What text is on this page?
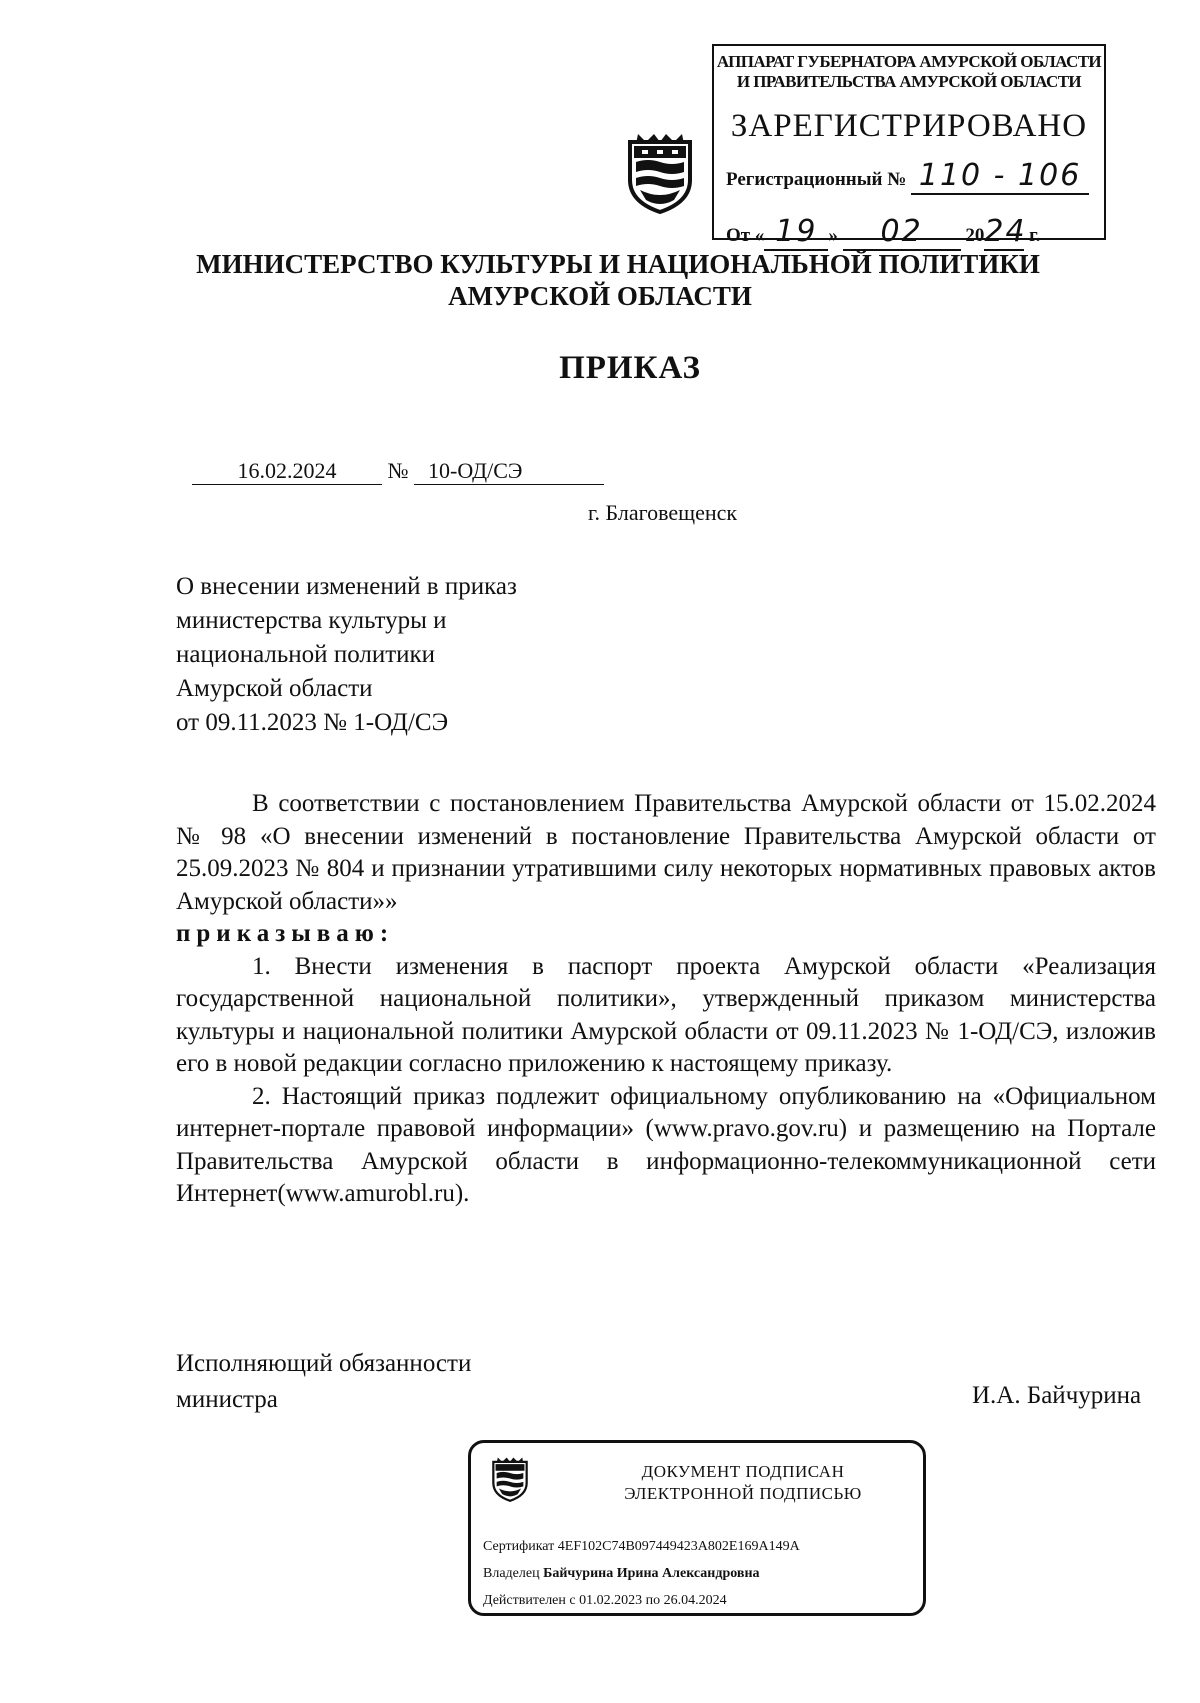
АППАРАТ ГУБЕРНАТОРА АМУРСКОЙ ОБЛАСТИ
И ПРАВИТЕЛЬСТВА АМУРСКОЙ ОБЛАСТИ
ЗАРЕГИСТРИРОВАНО
Регистрационный № 110 - 106
От « 19 » 02 2024 г.
МИНИСТЕРСТВО КУЛЬТУРЫ И НАЦИОНАЛЬНОЙ ПОЛИТИКИ
АМУРСКОЙ ОБЛАСТИ
ПРИКАЗ
16.02.2024 № 10-ОД/СЭ
г. Благовещенск
О внесении изменений в приказ
министерства культуры и
национальной политики
Амурской области
от 09.11.2023 № 1-ОД/СЭ

В соответствии с постановлением Правительства Амурской области от 15.02.2024 № 98 «О внесении изменений в постановление Правительства Амурской области от 25.09.2023 № 804 и признании утратившими силу некоторых нормативных правовых актов Амурской области»»

приказываю:

1. Внести изменения в паспорт проекта Амурской области «Реализация государственной национальной политики», утвержденный приказом министерства культуры и национальной политики Амурской области от 09.11.2023 № 1-ОД/СЭ, изложив его в новой редакции согласно приложению к настоящему приказу.

2. Настоящий приказ подлежит официальному опубликованию на «Официальном интернет-портале правовой информации» (www.pravo.gov.ru) и размещению на Портале Правительства Амурской области в информационно-телекоммуникационной сети Интернет(www.amurobl.ru).

Исполняющий обязанности
министра	И.А. Байчурина
ДОКУМЕНТ ПОДПИСАН
ЭЛЕКТРОННОЙ ПОДПИСЬЮ
Сертификат 4EF102C74B097449423A802E169A149A
Владелец Байчурина Ирина Александровна
Действителен с 01.02.2023 по 26.04.2024
